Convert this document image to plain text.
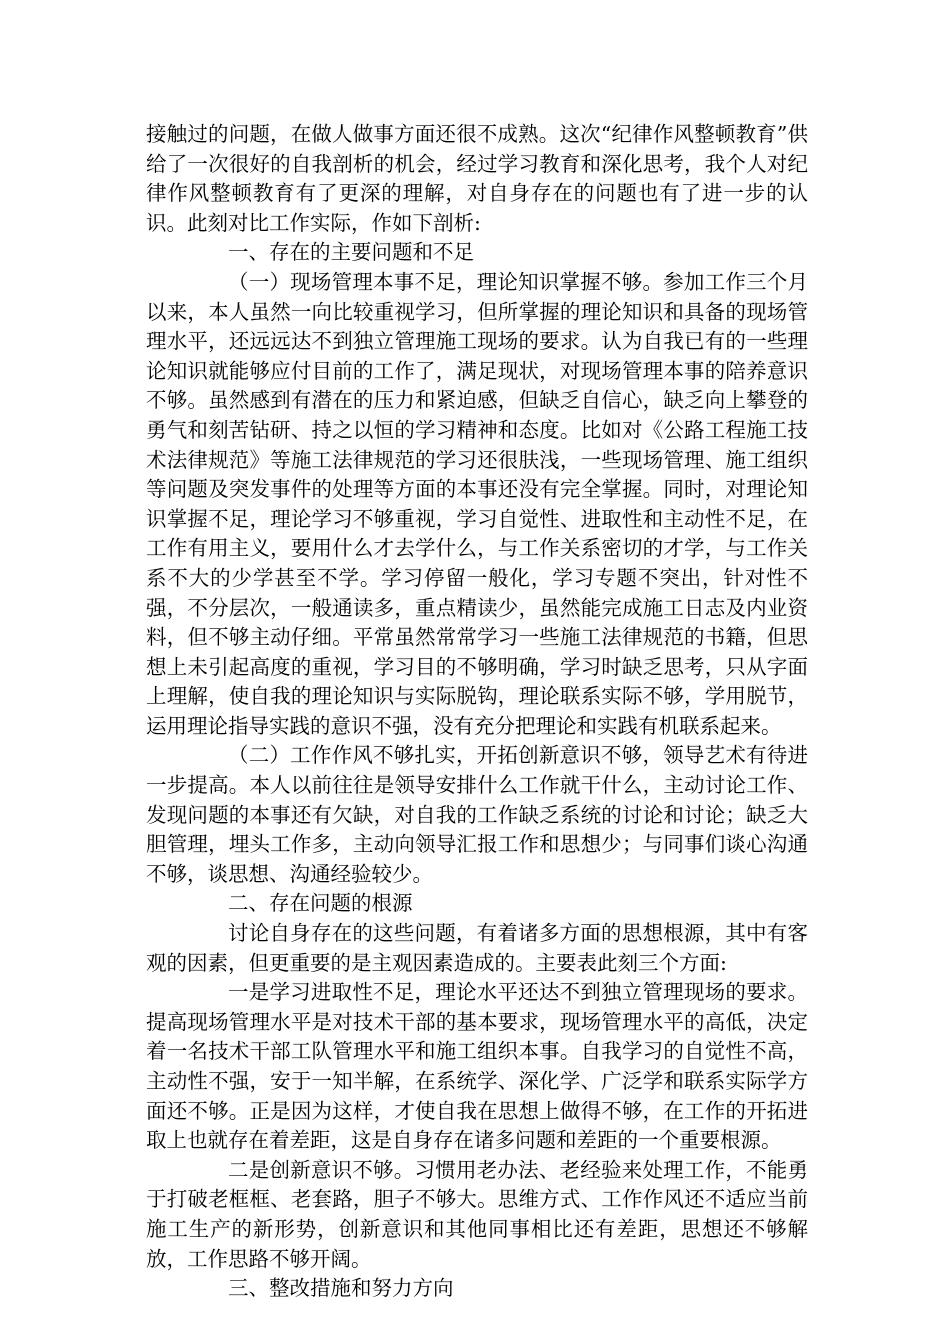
接触过的问题，在做人做事方面还很不成熟。这次“纪律作风整顿教育”供给了一次很好的自我剖析的机会，经过学习教育和深化思考，我个人对纪律作风整顿教育有了更深的理解，对自身存在的问题也有了进一步的认识。此刻对比工作实际，作如下剖析:

一、存在的主要问题和不足

（一）现场管理本事不足，理论知识掌握不够。参加工作三个月以来，本人虽然一向比较重视学习，但所掌握的理论知识和具备的现场管理水平，还远远达不到独立管理施工现场的要求。认为自我已有的一些理论知识就能够应付目前的工作了，满足现状，对现场管理本事的陪养意识不够。虽然感到有潜在的压力和紧迫感，但缺乏自信心，缺乏向上攀登的勇气和刻苦钻研、持之以恒的学习精神和态度。比如对《公路工程施工技术法律规范》等施工法律规范的学习还很肤浅，一些现场管理、施工组织等问题及突发事件的处理等方面的本事还没有完全掌握。同时，对理论知识掌握不足，理论学习不够重视，学习自觉性、进取性和主动性不足，在工作有用主义，要用什么才去学什么，与工作关系密切的才学，与工作关系不大的少学甚至不学。学习停留一般化，学习专题不突出，针对性不强，不分层次，一般通读多，重点精读少，虽然能完成施工日志及内业资料，但不够主动仔细。平常虽然常常学习一些施工法律规范的书籍，但思想上未引起高度的重视，学习目的不够明确，学习时缺乏思考，只从字面上理解，使自我的理论知识与实际脱钩，理论联系实际不够，学用脱节，运用理论指导实践的意识不强，没有充分把理论和实践有机联系起来。

（二）工作作风不够扎实，开拓创新意识不够，领导艺术有待进一步提高。本人以前往往是领导安排什么工作就干什么，主动讨论工作、发现问题的本事还有欠缺，对自我的工作缺乏系统的讨论和讨论；缺乏大胆管理，埋头工作多，主动向领导汇报工作和思想少；与同事们谈心沟通不够，谈思想、沟通经验较少。

二、存在问题的根源

讨论自身存在的这些问题，有着诸多方面的思想根源，其中有客观的因素，但更重要的是主观因素造成的。主要表此刻三个方面:

一是学习进取性不足，理论水平还达不到独立管理现场的要求。提高现场管理水平是对技术干部的基本要求，现场管理水平的高低，决定着一名技术干部工队管理水平和施工组织本事。自我学习的自觉性不高，主动性不强，安于一知半解，在系统学、深化学、广泛学和联系实际学方面还不够。正是因为这样，才使自我在思想上做得不够，在工作的开拓进取上也就存在着差距，这是自身存在诸多问题和差距的一个重要根源。

二是创新意识不够。习惯用老办法、老经验来处理工作，不能勇于打破老框框、老套路，胆子不够大。思维方式、工作作风还不适应当前施工生产的新形势，创新意识和其他同事相比还有差距，思想还不够解放，工作思路不够开阔。

三、整改措施和努力方向
